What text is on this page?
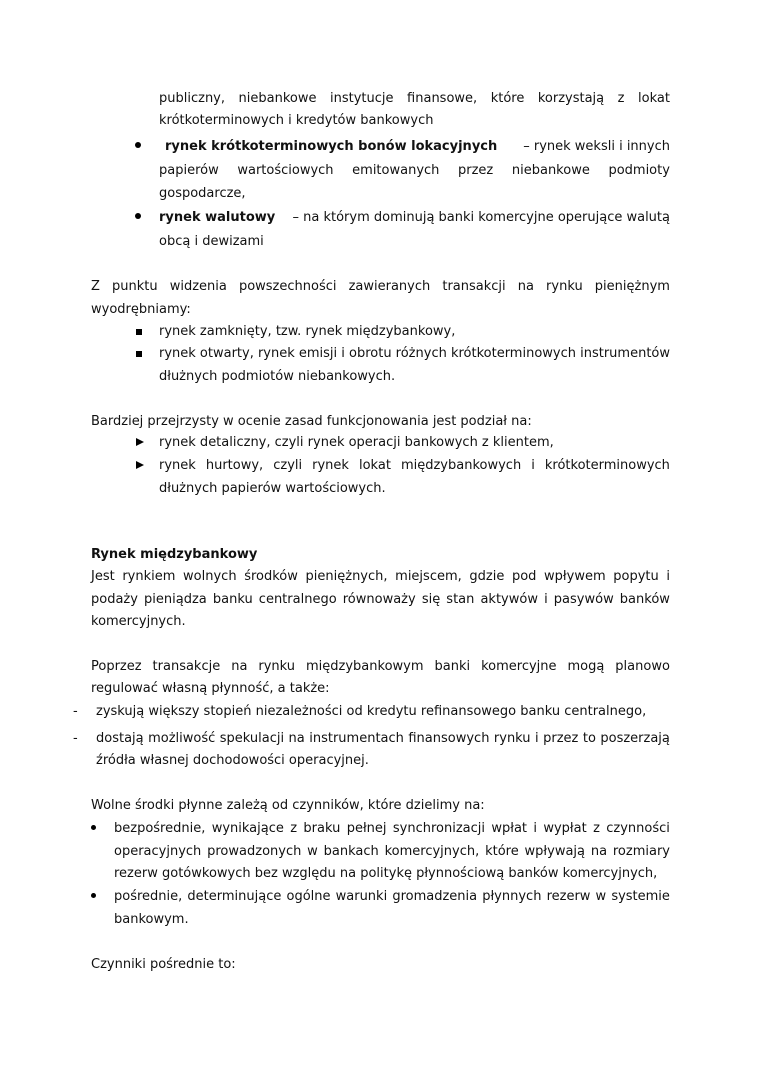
publiczny, niebankowe instytucje finansowe, które korzystają z lokat
krótkoterminowych i kredytów bankowych
rynek krótkoterminowych bonów lokacyjnych – rynek weksli i innych
papierów wartościowych emitowanych przez niebankowe podmioty
gospodarcze,
rynek walutowy – na którym dominują banki komercyjne operujące walutą
obcą i dewizami
Z punktu widzenia powszechności zawieranych transakcji na rynku pieniężnym
wyodrębniamy:
rynek zamknięty, tzw. rynek międzybankowy,
rynek otwarty, rynek emisji i obrotu różnych krótkoterminowych instrumentów
dłużnych podmiotów niebankowych.
Bardziej przejrzysty w ocenie zasad funkcjonowania jest podział na:
rynek detaliczny, czyli rynek operacji bankowych z klientem,
rynek hurtowy, czyli rynek lokat międzybankowych i krótkoterminowych
dłużnych papierów wartościowych.
Rynek międzybankowy
Jest rynkiem wolnych środków pieniężnych, miejscem, gdzie pod wpływem popytu i
podaży pieniądza banku centralnego równoważy się stan aktywów i pasywów banków
komercyjnych.
Poprzez transakcje na rynku międzybankowym banki komercyjne mogą planowo
regulować własną płynność, a także:
- zyskują większy stopień niezależności od kredytu refinansowego banku centralnego,
- dostają możliwość spekulacji na instrumentach finansowych rynku i przez to poszerzają
źródła własnej dochodowości operacyjnej.
Wolne środki płynne zależą od czynników, które dzielimy na:
bezpośrednie, wynikające z braku pełnej synchronizacji wpłat i wypłat z czynności
operacyjnych prowadzonych w bankach komercyjnych, które wpływają na rozmiary
rezerw gotówkowych bez względu na politykę płynnościową banków komercyjnych,
pośrednie, determinujące ogólne warunki gromadzenia płynnych rezerw w systemie
bankowym.
Czynniki pośrednie to:
